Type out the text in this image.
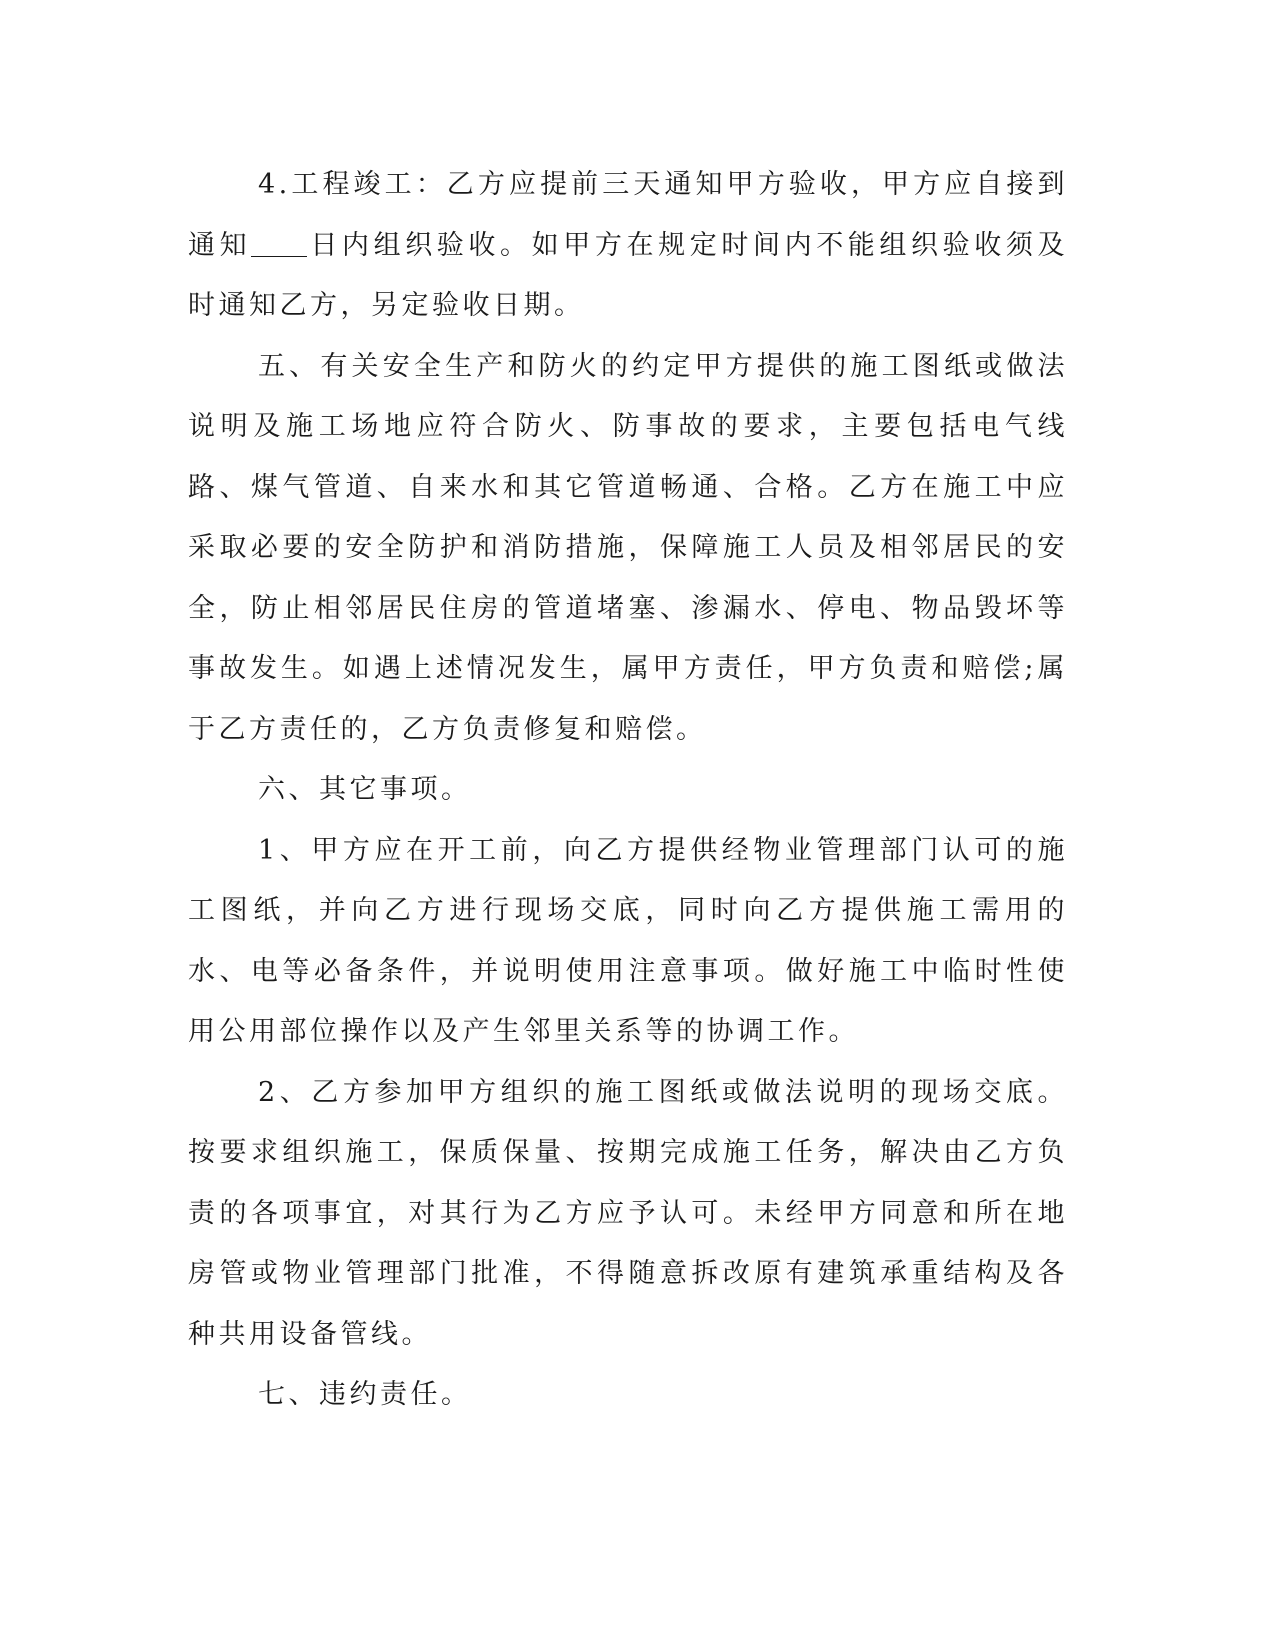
4.工程竣工：乙方应提前三天通知甲方验收，甲方应自接到通知 日内组织验收。如甲方在规定时间内不能组织验收须及时通知乙方，另定验收日期。

五、有关安全生产和防火的约定甲方提供的施工图纸或做法说明及施工场地应符合防火、防事故的要求，主要包括电气线路、煤气管道、自来水和其它管道畅通、合格。乙方在施工中应采取必要的安全防护和消防措施，保障施工人员及相邻居民的安全，防止相邻居民住房的管道堵塞、渗漏水、停电、物品毁坏等事故发生。如遇上述情况发生，属甲方责任，甲方负责和赔偿;属于乙方责任的，乙方负责修复和赔偿。

六、其它事项。

1、甲方应在开工前，向乙方提供经物业管理部门认可的施工图纸，并向乙方进行现场交底，同时向乙方提供施工需用的水、电等必备条件，并说明使用注意事项。做好施工中临时性使用公用部位操作以及产生邻里关系等的协调工作。

2、乙方参加甲方组织的施工图纸或做法说明的现场交底。按要求组织施工，保质保量、按期完成施工任务，解决由乙方负责的各项事宜，对其行为乙方应予认可。未经甲方同意和所在地房管或物业管理部门批准，不得随意拆改原有建筑承重结构及各种共用设备管线。

七、违约责任。
